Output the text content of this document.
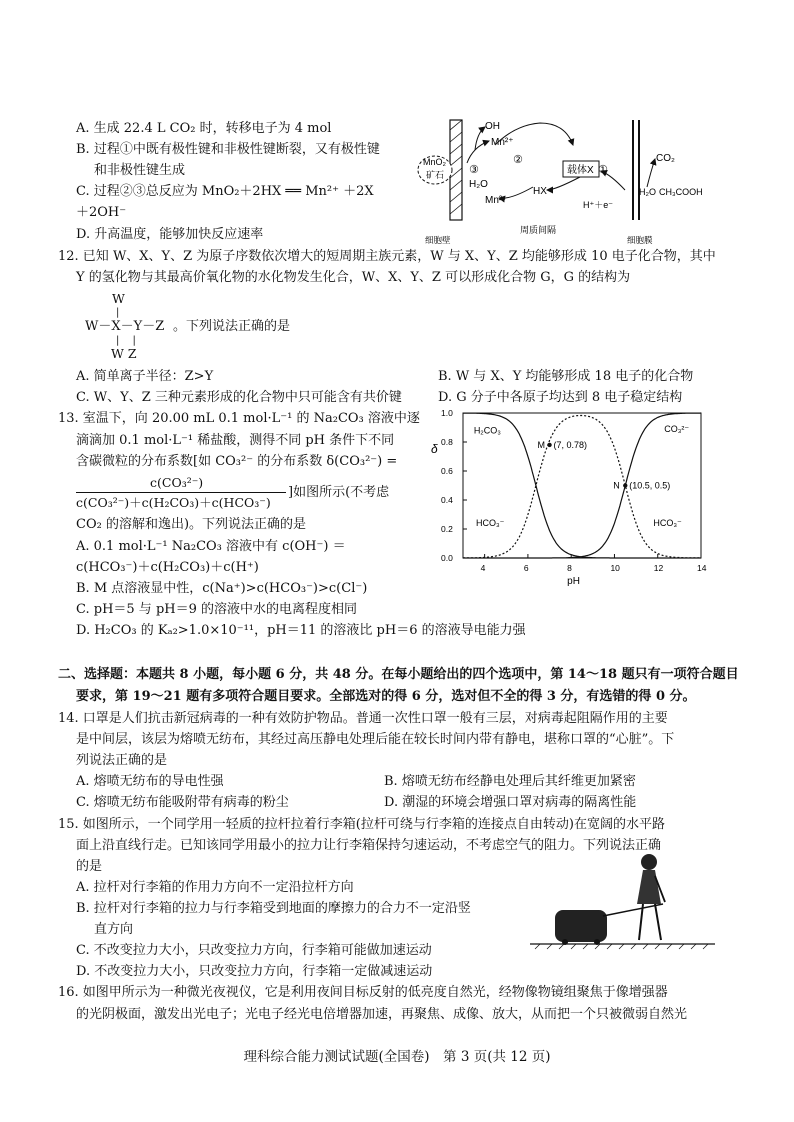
A. 生成 22.4 L CO₂ 时，转移电子为 4 mol
B. 过程①中既有极性键和非极性键断裂，又有极性键
和非极性键生成
C. 过程②③总反应为 MnO₂＋2HX ══ Mn²⁺ ＋2X
＋2OH⁻
D. 升高温度，能够加快反应速率
MnO₂
矿石
OH
Mn²⁺
③
H₂O
Mn²⁺
②
HX
载体X ①
H⁺＋e⁻
CO₂
H₂O CH₃COOH
细胞壁
周质间隔
细胞膜
12. 已知 W、X、Y、Z 为原子序数依次增大的短周期主族元素，W 与 X、Y、Z 均能够形成 10 电子化合物，其中
Y 的氢化物与其最高价氧化物的水化物发生化合，W、X、Y、Z 可以形成化合物 G，G 的结构为
W
|
W－X－Y－Z 。下列说法正确的是
|　 |
W Z
A. 简单离子半径：Z>Y	B. W 与 X、Y 均能够形成 18 电子的化合物
C. W、Y、Z 三种元素形成的化合物中只可能含有共价键	D. G 分子中各原子均达到 8 电子稳定结构
13. 室温下，向 20.00 mL 0.1 mol·L⁻¹ 的 Na₂CO₃ 溶液中逐
滴滴加 0.1 mol·L⁻¹ 稀盐酸，测得不同 pH 条件下不同
含碳微粒的分布系数[如 CO₃²⁻ 的分布系数 δ(CO₃²⁻) =
c(CO₃²⁻)
c(CO₃²⁻)＋c(H₂CO₃)＋c(HCO₃⁻)
]如图所示(不考虑
CO₂ 的溶解和逸出)。下列说法正确的是
A. 0.1 mol·L⁻¹ Na₂CO₃ 溶液中有 c(OH⁻) ＝
c(HCO₃⁻)＋c(H₂CO₃)＋c(H⁺)
B. M 点溶液显中性，c(Na⁺)>c(HCO₃⁻)>c(Cl⁻)
C. pH＝5 与 pH＝9 的溶液中水的电离程度相同
D. H₂CO₃ 的 Kₐ₂>1.0×10⁻¹¹，pH＝11 的溶液比 pH＝6 的溶液导电能力强
0.0
0.2
0.4
0.6
0.8
1.0
4	6	8	10	12	14
δ
pH
H₂CO₃	CO₃²⁻
HCO₃⁻	HCO₃⁻
M (7, 0.78)
N (10.5, 0.5)
二、选择题：本题共 8 小题，每小题 6 分，共 48 分。在每小题给出的四个选项中，第 14～18 题只有一项符合题目
要求，第 19～21 题有多项符合题目要求。全部选对的得 6 分，选对但不全的得 3 分，有选错的得 0 分。
14. 口罩是人们抗击新冠病毒的一种有效防护物品。普通一次性口罩一般有三层，对病毒起阻隔作用的主要
是中间层，该层为熔喷无纺布，其经过高压静电处理后能在较长时间内带有静电，堪称口罩的“心脏”。下
列说法正确的是
A. 熔喷无纺布的导电性强	B. 熔喷无纺布经静电处理后其纤维更加紧密
C. 熔喷无纺布能吸附带有病毒的粉尘	D. 潮湿的环境会增强口罩对病毒的隔离性能
15. 如图所示，一个同学用一轻质的拉杆拉着行李箱(拉杆可绕与行李箱的连接点自由转动)在宽阔的水平路
面上沿直线行走。已知该同学用最小的拉力让行李箱保持匀速运动，不考虑空气的阻力。下列说法正确
的是
A. 拉杆对行李箱的作用力方向不一定沿拉杆方向
B. 拉杆对行李箱的拉力与行李箱受到地面的摩擦力的合力不一定沿竖
直方向
C. 不改变拉力大小，只改变拉力方向，行李箱可能做加速运动
D. 不改变拉力大小，只改变拉力方向，行李箱一定做减速运动
16. 如图甲所示为一种微光夜视仪，它是利用夜间目标反射的低亮度自然光，经物像物镜组聚焦于像增强器
的光阴极面，激发出光电子；光电子经光电倍增器加速，再聚焦、成像、放大，从而把一个只被微弱自然光
理科综合能力测试试题(全国卷)　第 3 页(共 12 页)
